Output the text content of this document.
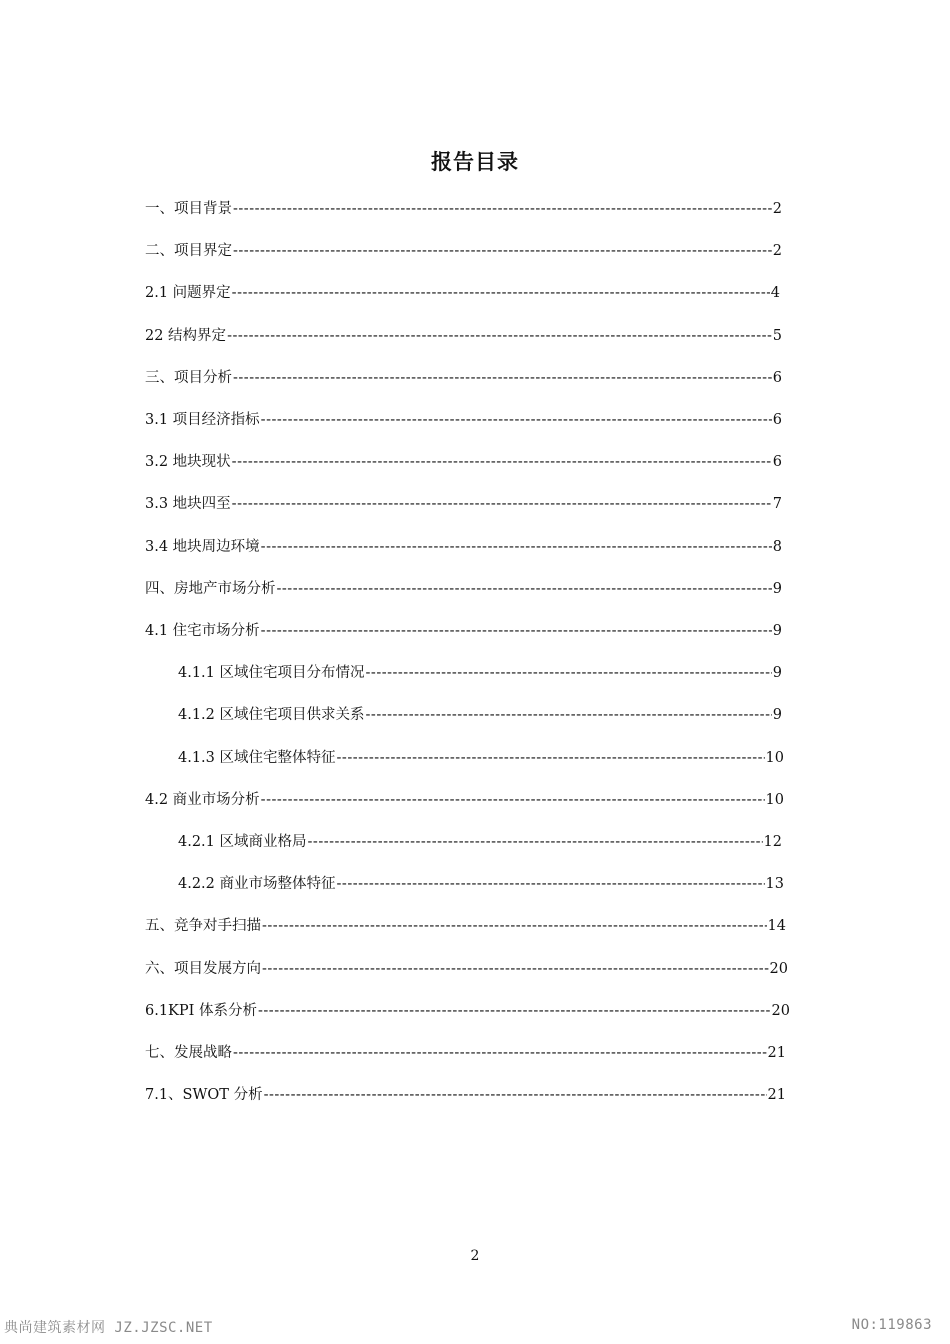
报告目录
一、项目背景 -----	2
二、项目界定 -----	2
2.1 问题界定 -----	4
22 结构界定 -----	5
三、项目分析 -----	6
3.1 项目经济指标 -----	6
3.2 地块现状 -----	6
3.3 地块四至 -----	7
3.4 地块周边环境 -----	8
四、房地产市场分析 -----	9
4.1 住宅市场分析 -----	9
4.1.1 区域住宅项目分布情况 -----	9
4.1.2 区域住宅项目供求关系 -----	9
4.1.3 区域住宅整体特征 -----	10
4.2 商业市场分析 -----	10
4.2.1 区域商业格局 -----	12
4.2.2 商业市场整体特征 -----	13
五、竞争对手扫描 -----	14
六、项目发展方向 -----	20
6.1KPI 体系分析 -----	20
七、发展战略 -----	21
7.1、SWOT 分析 -----	21
2
典尚建筑素材网 JZ.JZSC.NET	NO:119863
